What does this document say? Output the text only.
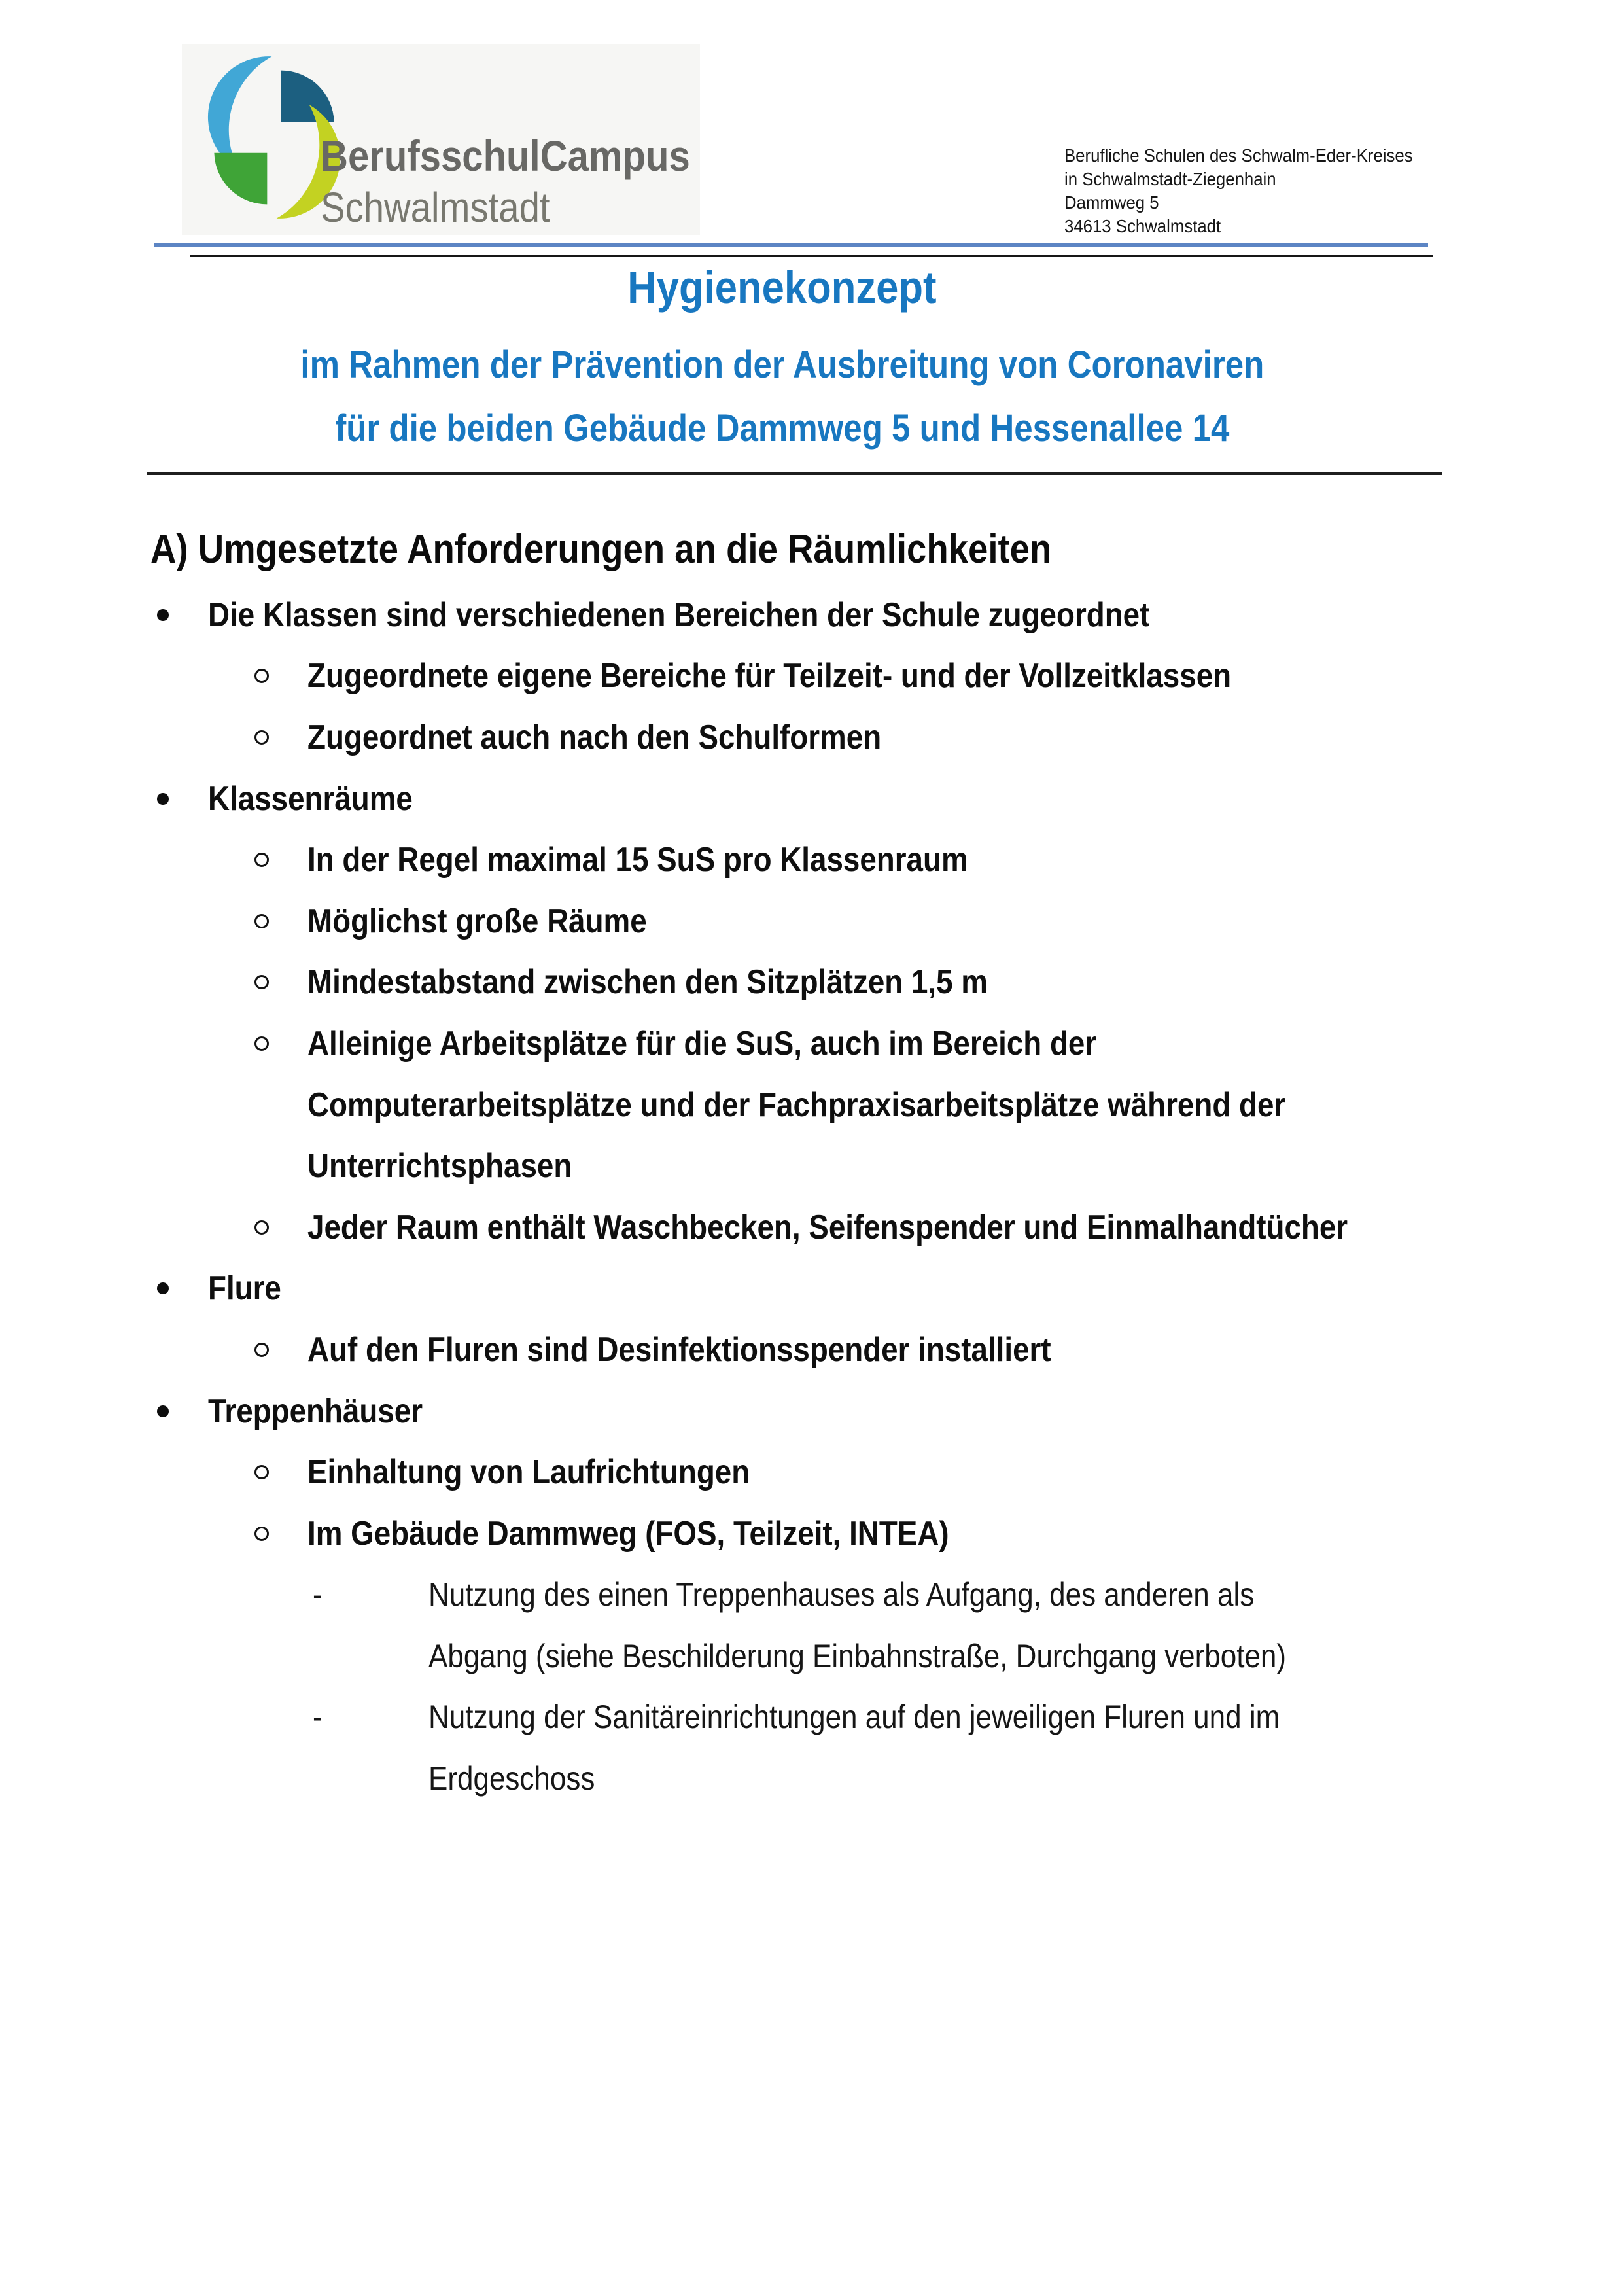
BerufsschulCampus
Schwalmstadt
Berufliche Schulen des Schwalm-Eder-Kreises
in Schwalmstadt-Ziegenhain
Dammweg 5
34613 Schwalmstadt
Hygienekonzept
im Rahmen der Prävention der Ausbreitung von Coronaviren
für die beiden Gebäude Dammweg 5 und Hessenallee 14
A) Umgesetzte Anforderungen an die Räumlichkeiten
Die Klassen sind verschiedenen Bereichen der Schule zugeordnet
Zugeordnete eigene Bereiche für Teilzeit- und der Vollzeitklassen
Zugeordnet auch nach den Schulformen
Klassenräume
In der Regel maximal 15 SuS pro Klassenraum
Möglichst große Räume
Mindestabstand zwischen den Sitzplätzen 1,5 m
Alleinige Arbeitsplätze für die SuS, auch im Bereich der
Computerarbeitsplätze und der Fachpraxisarbeitsplätze während der
Unterrichtsphasen
Jeder Raum enthält Waschbecken, Seifenspender und Einmalhandtücher
Flure
Auf den Fluren sind Desinfektionsspender installiert
Treppenhäuser
Einhaltung von Laufrichtungen
Im Gebäude Dammweg (FOS, Teilzeit, INTEA)
-	Nutzung des einen Treppenhauses als Aufgang, des anderen als
Abgang (siehe Beschilderung Einbahnstraße, Durchgang verboten)
-	Nutzung der Sanitäreinrichtungen auf den jeweiligen Fluren und im
Erdgeschoss
